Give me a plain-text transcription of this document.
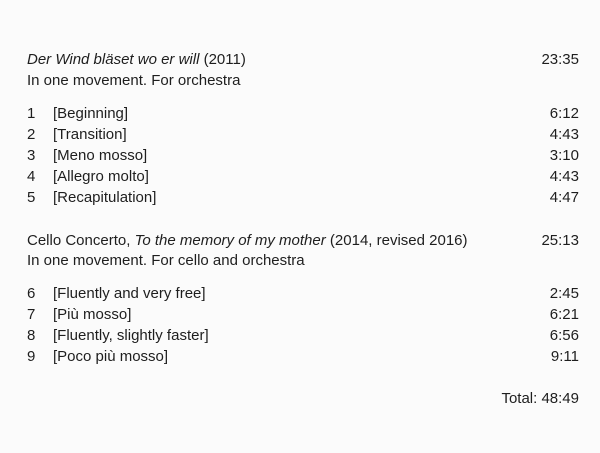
Der Wind bläset wo er will (2011)	23:35
In one movement. For orchestra
1 [Beginning]	6:12
2 [Transition]	4:43
3 [Meno mosso]	3:10
4 [Allegro molto]	4:43
5 [Recapitulation]	4:47
Cello Concerto, To the memory of my mother (2014, revised 2016)	25:13
In one movement. For cello and orchestra
6 [Fluently and very free]	2:45
7 [Più mosso]	6:21
8 [Fluently, slightly faster]	6:56
9 [Poco più mosso]	9:11
Total: 48:49
